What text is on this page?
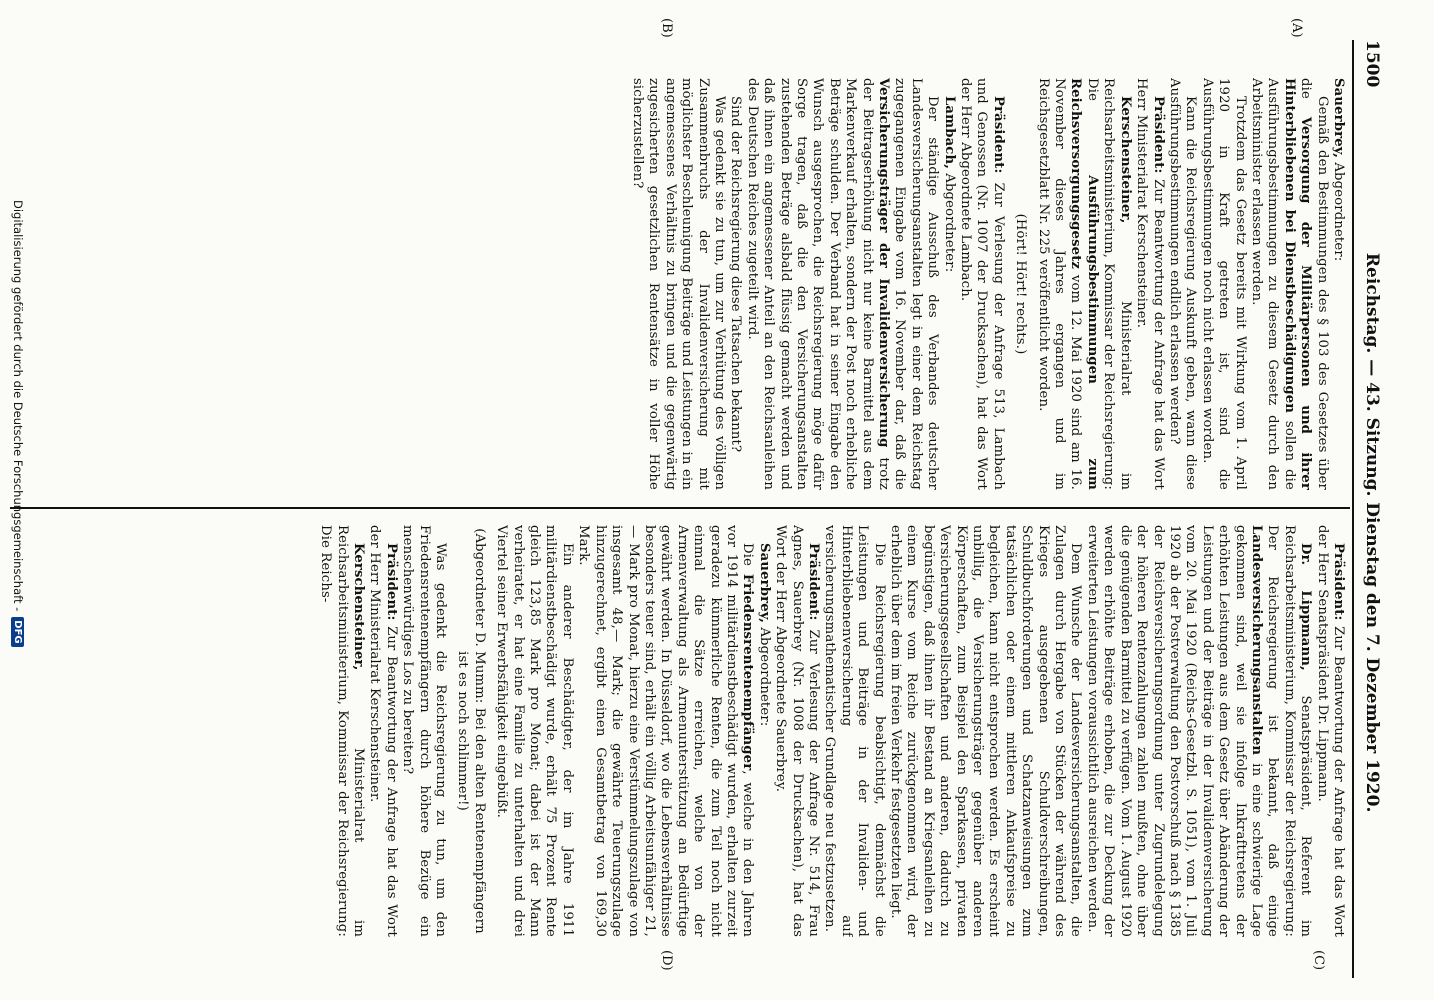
1500
Reichstag. — 43. Sitzung. Dienstag den 7. Dezember 1920.
(A)
(B)
(C)
(D)

Sauerbrey, Abgeordneter:

Gemäß den Bestimmungen des § 103 des Gesetzes über die Versorgung der Militärpersonen und ihrer Hinterbliebenen bei Dienstbeschädigungen sollen die Ausführungsbestimmungen zu diesem Gesetz durch den Arbeitsminister erlassen werden.

Trotzdem das Gesetz bereits mit Wirkung vom 1. April 1920 in Kraft getreten ist, sind die Ausführungsbestimmungen noch nicht erlassen worden.

Kann die Reichsregierung Auskunft geben, wann diese Ausführungsbestimmungen endlich erlassen werden?

Präsident: Zur Beantwortung der Anfrage hat das Wort Herr Ministerialrat Kerschensteiner.

Kerschensteiner, Ministerialrat im Reichsarbeitsministerium, Kommissar der Reichsregierung: Die Ausführungsbestimmungen zum Reichsversorgungsgesetz vom 12. Mai 1920 sind am 16. November dieses Jahres ergangen und im Reichsgesetzblatt Nr. 225 veröffentlicht worden.

(Hört! Hört! rechts.)

Präsident: Zur Verlesung der Anfrage 513, Lambach und Genossen (Nr. 1007 der Drucksachen), hat das Wort der Herr Abgeordnete Lambach.

Lambach, Abgeordneter:

Der ständige Ausschuß des Verbandes deutscher Landesversicherungsanstalten legt in einer dem Reichstag zugegangenen Eingabe vom 16. November dar, daß die Versicherungsträger der Invalidenversicherung trotz der Beitragserhöhung nicht nur keine Barmittel aus dem Markenverkauf erhalten, sondern der Post noch erhebliche Beträge schulden. Der Verband hat in seiner Eingabe den Wunsch ausgesprochen, die Reichsregierung möge dafür Sorge tragen, daß die den Versicherungsanstalten zustehenden Beträge alsbald flüssig gemacht werden und daß ihnen ein angemessener Anteil an den Reichsanleihen des Deutschen Reiches zugeteilt wird.

Sind der Reichsregierung diese Tatsachen bekannt?

Was gedenkt sie zu tun, um zur Verhütung des völligen Zusammenbruchs der Invalidenversicherung mit möglichster Beschleunigung Beiträge und Leistungen in ein angemessenes Verhältnis zu bringen und die gegenwärtig zugesicherten gesetzlichen Rentensätze in voller Höhe sicherzustellen?

Präsident: Zur Beantwortung der Anfrage hat das Wort der Herr Senatspräsident Dr. Lippmann.

Dr. Lippmann, Senatspräsident, Referent im Reichsarbeitsministerium, Kommissar der Reichsregierung: Der Reichsregierung ist bekannt, daß einige Landesversicherungsanstalten in eine schwierige Lage gekommen sind, weil sie infolge Inkrafttretens der erhöhten Leistungen aus dem Gesetz über Abänderung der Leistungen und der Beiträge in der Invalidenversicherung vom 20. Mai 1920 (Reichs-Gesetzbl. S. 1051), vom 1. Juli 1920 ab der Postverwaltung den Postvorschuß nach § 1385 der Reichsversicherungsordnung unter Zugrundelegung der höheren Rentenzahlungen zahlen mußten, ohne über die genügenden Barmittel zu verfügen. Vom 1. August 1920 werden erhöhte Beiträge erhoben, die zur Deckung der erweiterten Leistungen voraussichtlich ausreichen werden.

Dem Wunsche der Landesversicherungsanstalten, die Zulagen durch Hergabe von Stücken der während des Krieges ausgegebenen Schuldverschreibungen, Schuldbuchforderungen und Schatzanweisungen zum tatsächlichen oder einem mittleren Ankaufspreise zu begleichen, kann nicht entsprochen werden. Es erscheint unbillig, die Versicherungsträger gegenüber anderen Körperschaften, zum Beispiel den Sparkassen, privaten Versicherungsgesellschaften und anderen, dadurch zu begünstigen, daß ihnen ihr Bestand an Kriegsanleihen zu einem Kurse vom Reiche zurückgenommen wird, der erheblich über dem im freien Verkehr festgesetzten liegt.

Die Reichsregierung beabsichtigt, demnächst die Leistungen und Beiträge in der Invaliden- und Hinterbliebenenversicherung auf versicherungsmathematischer Grundlage neu festzusetzen.

Präsident: Zur Verlesung der Anfrage Nr. 514, Frau Agnes, Sauerbrey (Nr. 1008 der Drucksachen), hat das Wort der Herr Abgeordnete Sauerbrey.

Sauerbrey, Abgeordneter:

Die Friedensrentenempfänger, welche in den Jahren vor 1914 militärdienstbeschädigt wurden, erhalten zurzeit geradezu kümmerliche Renten, die zum Teil noch nicht einmal die Sätze erreichen, welche von der Armenverwaltung als Armenunterstützung an Bedürftige gewährt werden. In Düsseldorf, wo die Lebensverhältnisse besonders teuer sind, erhält ein völlig Arbeitsunfähiger 21,— Mark pro Monat, hierzu eine Verstümmelungszulage von insgesamt 48,— Mark; die gewährte Teuerungszulage hinzugerechnet, ergibt einen Gesamtbetrag von 169,30 Mark.

Ein anderer Beschädigter, der im Jahre 1911 militärdienstbeschädigt wurde, erhält 75 Prozent Rente gleich 123,85 Mark pro Monat; dabei ist der Mann verheiratet, er hat eine Familie zu unterhalten und drei Viertel seiner Erwerbsfähigkeit eingebüßt.

(Abgeordneter D. Mumm: Bei den alten Rentenempfängern ist es noch schlimmer!)

Was gedenkt die Reichsregierung zu tun, um den Friedensrentenempfängern durch höhere Bezüge ein menschenwürdiges Los zu bereiten?

Präsident: Zur Beantwortung der Anfrage hat das Wort der Herr Ministerialrat Kerschensteiner.

Kerschensteiner, Ministerialrat im Reichsarbeitsministerium, Kommissar der Reichsregierung: Die Reichs-

Digitalisierung gefördert durch die Deutsche Forschungsgemeinschaft -
DFG
